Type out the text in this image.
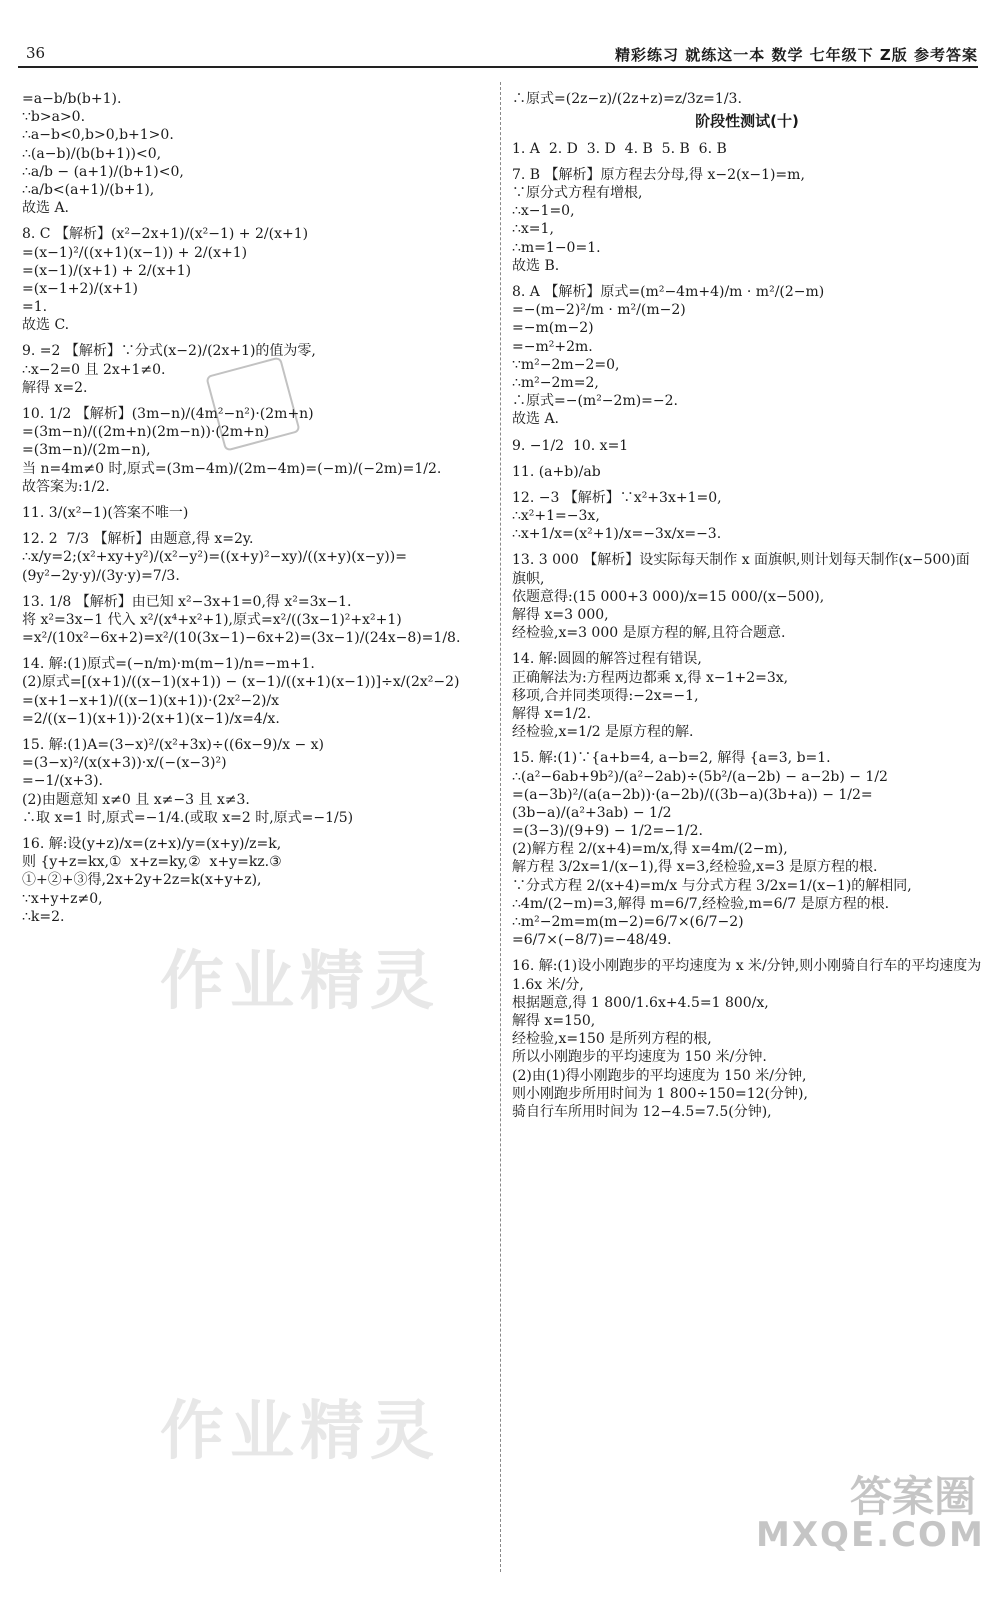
36	精彩练习 就练这一本 数学 七年级下 Z版 参考答案
=a−b/b(b+1).
∵b>a>0.
∴a−b<0,b>0,b+1>0.
∴(a−b)/(b(b+1))<0,
∴a/b − (a+1)/(b+1)<0,
∴a/b<(a+1)/(b+1),
故选 A.
8. C 【解析】(x²−2x+1)/(x²−1) + 2/(x+1)
=(x−1)²/((x+1)(x−1)) + 2/(x+1)
=(x−1)/(x+1) + 2/(x+1)
=(x−1+2)/(x+1)
=1.
故选 C.
9. =2 【解析】∵分式(x−2)/(2x+1)的值为零,
∴x−2=0 且 2x+1≠0.
解得 x=2.
10. 1/2 【解析】(3m−n)/(4m²−n²)·(2m+n)
=(3m−n)/((2m+n)(2m−n))·(2m+n)
=(3m−n)/(2m−n),
当 n=4m≠0 时,原式=(3m−4m)/(2m−4m)=(−m)/(−2m)=1/2.
故答案为:1/2.
11. 3/(x²−1)(答案不唯一)
12. 2  7/3 【解析】由题意,得 x=2y.
∴x/y=2;(x²+xy+y²)/(x²−y²)=((x+y)²−xy)/((x+y)(x−y))=(9y²−2y·y)/(3y·y)=7/3.
13. 1/8 【解析】由已知 x²−3x+1=0,得 x²=3x−1.
将 x²=3x−1 代入 x²/(x⁴+x²+1),原式=x²/((3x−1)²+x²+1)
=x²/(10x²−6x+2)=x²/(10(3x−1)−6x+2)=(3x−1)/(24x−8)=1/8.
14. 解:(1)原式=(−n/m)·m(m−1)/n=−m+1.
(2)原式=[(x+1)/((x−1)(x+1)) − (x−1)/((x+1)(x−1))]÷x/(2x²−2)
=(x+1−x+1)/((x−1)(x+1))·(2x²−2)/x
=2/((x−1)(x+1))·2(x+1)(x−1)/x=4/x.
15. 解:(1)A=(3−x)²/(x²+3x)÷((6x−9)/x − x)
=(3−x)²/(x(x+3))·x/(−(x−3)²)
=−1/(x+3).
(2)由题意知 x≠0 且 x≠−3 且 x≠3.
∴取 x=1 时,原式=−1/4.(或取 x=2 时,原式=−1/5)
16. 解:设(y+z)/x=(z+x)/y=(x+y)/z=k,
则 {y+z=kx,①  x+z=ky,②  x+y=kz.③
①+②+③得,2x+2y+2z=k(x+y+z),
∵x+y+z≠0,
∴k=2.
∴原式=(2z−z)/(2z+z)=z/3z=1/3.
阶段性测试(十)
1. A  2. D  3. D  4. B  5. B  6. B
7. B 【解析】原方程去分母,得 x−2(x−1)=m,
∵原分式方程有增根,
∴x−1=0,
∴x=1,
∴m=1−0=1.
故选 B.
8. A 【解析】原式=(m²−4m+4)/m · m²/(2−m)
=−(m−2)²/m · m²/(m−2)
=−m(m−2)
=−m²+2m.
∵m²−2m−2=0,
∴m²−2m=2,
∴原式=−(m²−2m)=−2.
故选 A.
9. −1/2  10. x=1
11. (a+b)/ab
12. −3 【解析】∵x²+3x+1=0,
∴x²+1=−3x,
∴x+1/x=(x²+1)/x=−3x/x=−3.
13. 3 000 【解析】设实际每天制作 x 面旗帜,则计划每天制作(x−500)面旗帜,
依题意得:(15 000+3 000)/x=15 000/(x−500),
解得 x=3 000,
经检验,x=3 000 是原方程的解,且符合题意.
14. 解:圆圆的解答过程有错误,
正确解法为:方程两边都乘 x,得 x−1+2=3x,
移项,合并同类项得:−2x=−1,
解得 x=1/2.
经检验,x=1/2 是原方程的解.
15. 解:(1)∵{a+b=4, a−b=2, 解得 {a=3, b=1.
∴(a²−6ab+9b²)/(a²−2ab)÷(5b²/(a−2b) − a−2b) − 1/2
=(a−3b)²/(a(a−2b))·(a−2b)/((3b−a)(3b+a)) − 1/2=(3b−a)/(a²+3ab) − 1/2
=(3−3)/(9+9) − 1/2=−1/2.
(2)解方程 2/(x+4)=m/x,得 x=4m/(2−m),
解方程 3/2x=1/(x−1),得 x=3,经检验,x=3 是原方程的根.
∵分式方程 2/(x+4)=m/x 与分式方程 3/2x=1/(x−1)的解相同,
∴4m/(2−m)=3,解得 m=6/7,经检验,m=6/7 是原方程的根.
∴m²−2m=m(m−2)=6/7×(6/7−2)
=6/7×(−8/7)=−48/49.
16. 解:(1)设小刚跑步的平均速度为 x 米/分钟,则小刚骑自行车的平均速度为 1.6x 米/分,
根据题意,得 1 800/1.6x+4.5=1 800/x,
解得 x=150,
经检验,x=150 是所列方程的根,
所以小刚跑步的平均速度为 150 米/分钟.
(2)由(1)得小刚跑步的平均速度为 150 米/分钟,
则小刚跑步所用时间为 1 800÷150=12(分钟),
骑自行车所用时间为 12−4.5=7.5(分钟),
作业精灵
作业精灵
答案圈
MXQE.COM
